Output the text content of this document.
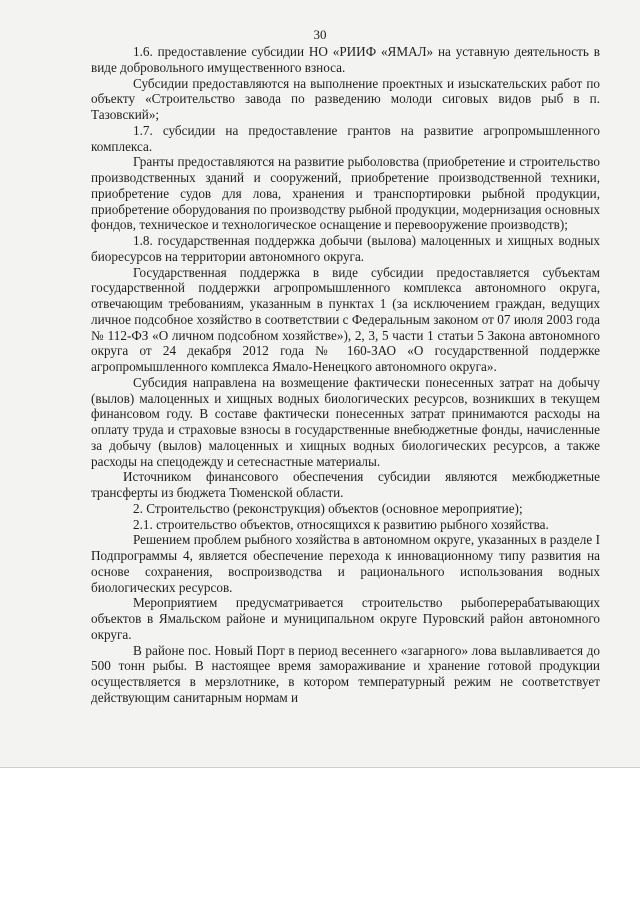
30

1.6. предоставление субсидии НО «РИИФ «ЯМАЛ» на уставную деятельность в виде добровольного имущественного взноса.

Субсидии предоставляются на выполнение проектных и изыскательских работ по объекту «Строительство завода по разведению молоди сиговых видов рыб в п. Тазовский»;

1.7. субсидии на предоставление грантов на развитие агропромышленного комплекса.

Гранты предоставляются на развитие рыболовства (приобретение и строительство производственных зданий и сооружений, приобретение производственной техники, приобретение судов для лова, хранения и транспортировки рыбной продукции, приобретение оборудования по производству рыбной продукции, модернизация основных фондов, техническое и технологическое оснащение и перевооружение производств);

1.8. государственная поддержка добычи (вылова) малоценных и хищных водных биоресурсов на территории автономного округа.

Государственная поддержка в виде субсидии предоставляется субъектам государственной поддержки агропромышленного комплекса автономного округа, отвечающим требованиям, указанным в пунктах 1 (за исключением граждан, ведущих личное подсобное хозяйство в соответствии с Федеральным законом от 07 июля 2003 года № 112-ФЗ «О личном подсобном хозяйстве»), 2, 3, 5 части 1 статьи 5 Закона автономного округа от 24 декабря 2012 года № 160-ЗАО «О государственной поддержке агропромышленного комплекса Ямало-Ненецкого автономного округа».

Субсидия направлена на возмещение фактически понесенных затрат на добычу (вылов) малоценных и хищных водных биологических ресурсов, возникших в текущем финансовом году. В составе фактически понесенных затрат принимаются расходы на оплату труда и страховые взносы в государственные внебюджетные фонды, начисленные за добычу (вылов) малоценных и хищных водных биологических ресурсов, а также расходы на спецодежду и сетеснастные материалы.

Источником финансового обеспечения субсидии являются межбюджетные трансферты из бюджета Тюменской области.

2. Строительство (реконструкция) объектов (основное мероприятие);

2.1. строительство объектов, относящихся к развитию рыбного хозяйства.

Решением проблем рыбного хозяйства в автономном округе, указанных в разделе I Подпрограммы 4, является обеспечение перехода к инновационному типу развития на основе сохранения, воспроизводства и рационального использования водных биологических ресурсов.

Мероприятием предусматривается строительство рыбоперерабатывающих объектов в Ямальском районе и муниципальном округе Пуровский район автономного округа.

В районе пос. Новый Порт в период весеннего «загарного» лова вылавливается до 500 тонн рыбы. В настоящее время замораживание и хранение готовой продукции осуществляется в мерзлотнике, в котором температурный режим не соответствует действующим санитарным нормам и
